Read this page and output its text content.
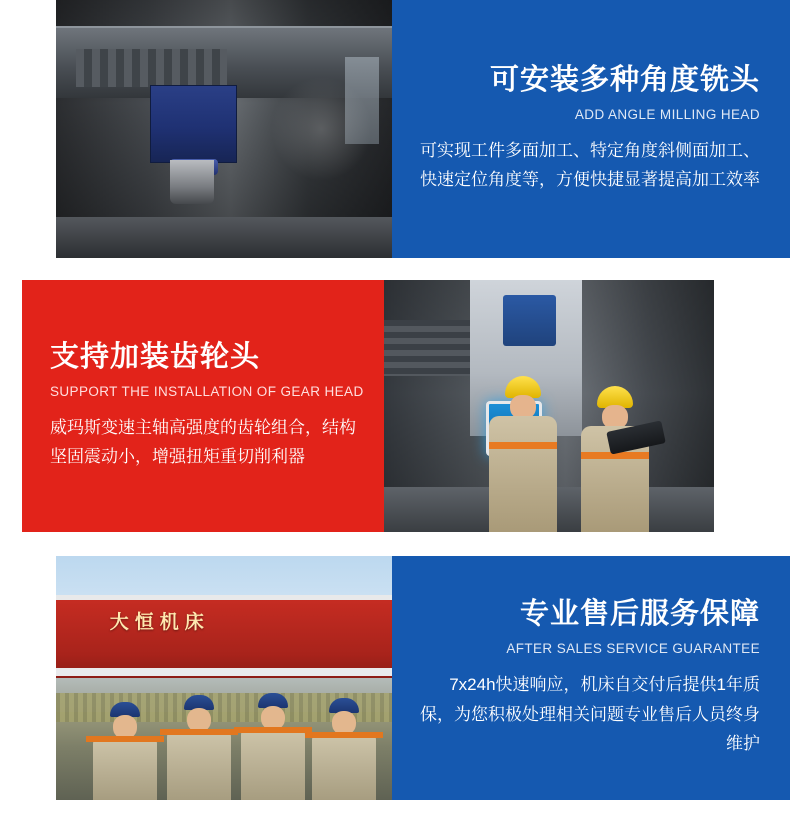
可安装多种角度铣头
ADD ANGLE MILLING HEAD
可实现工件多面加工、特定角度斜侧面加工、快速定位角度等，方便快捷显著提高加工效率
支持加装齿轮头
SUPPORT THE INSTALLATION OF GEAR HEAD
威玛斯变速主轴高强度的齿轮组合，结构坚固震动小，增强扭矩重切削利器
大恒机床	专业售后服务保障
AFTER SALES SERVICE GUARANTEE
7x24h快速响应，机床自交付后提供1年质保，为您积极处理相关问题专业售后人员终身维护
